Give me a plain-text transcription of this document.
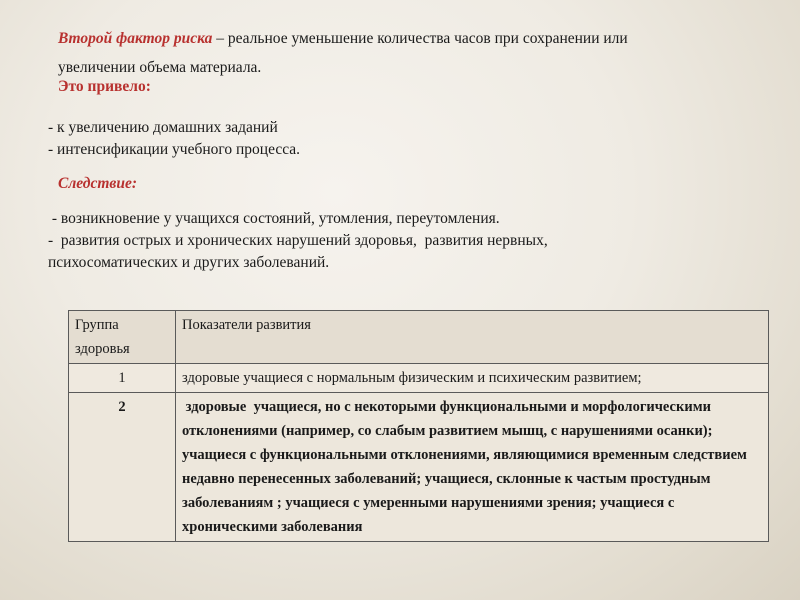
Второй фактор риска – реальное уменьшение количества часов при сохранении или
увеличении объема материала.
Это привело:
- к увеличению домашних заданий
- интенсификации учебного процесса.
Следствие:
- возникновение у учащихся состояний, утомления, переутомления.
-  развития острых и хронических нарушений здоровья,  развития нервных,
психосоматических и других заболеваний.
Группа здоровья	Показатели развития
1	здоровые учащиеся с нормальным физическим и психическим развитием;
2	здоровые  учащиеся, но с некоторыми функциональными и морфологическими отклонениями (например, со слабым развитием мышц, с нарушениями осанки); учащиеся с функциональными отклонениями, являющимися временным следствием недавно перенесенных заболеваний; учащиеся, склонные к частым простудным заболеваниям ; учащиеся с умеренными нарушениями зрения; учащиеся с хроническими заболевания
